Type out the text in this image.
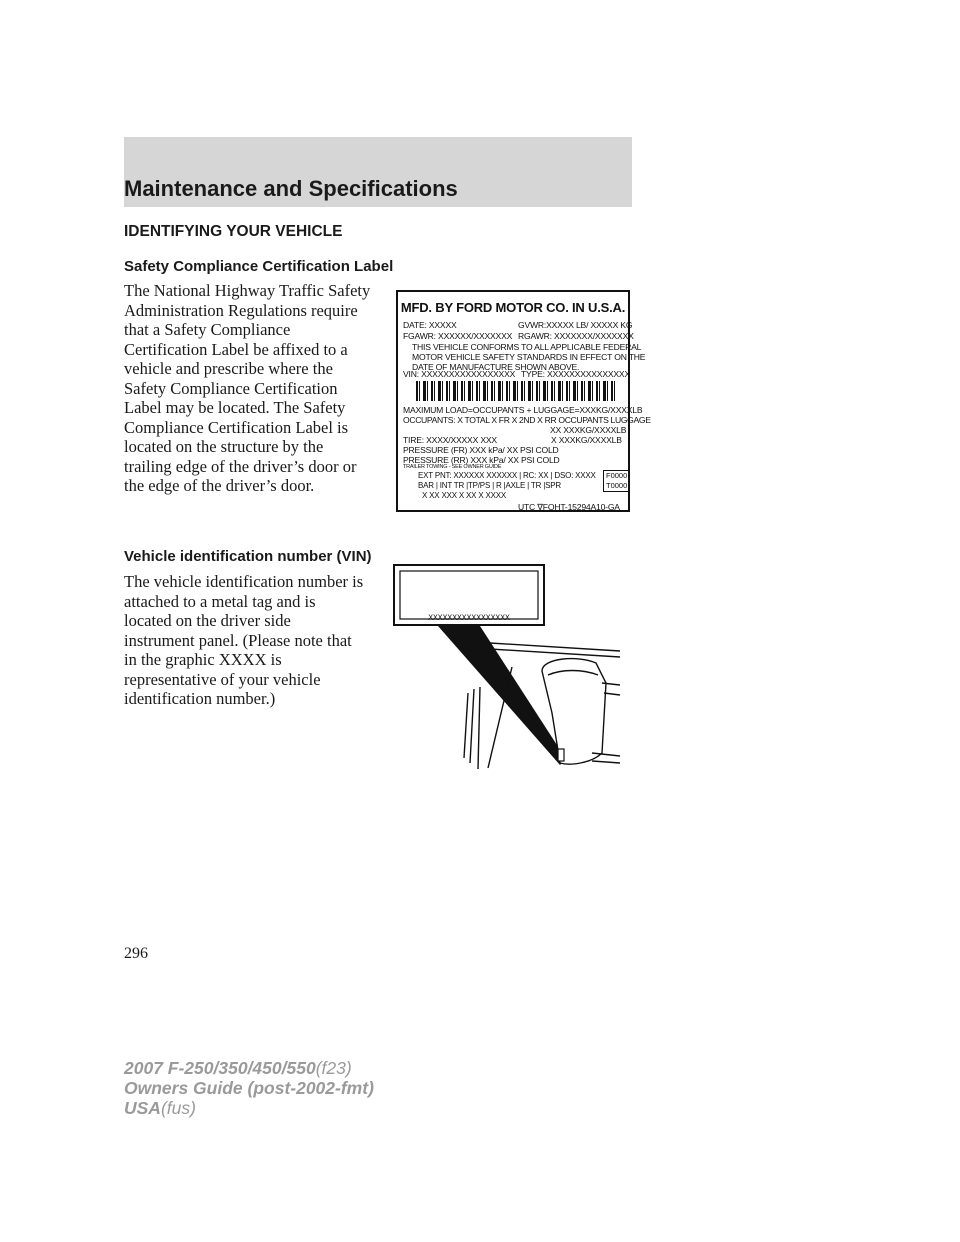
Maintenance and Specifications
IDENTIFYING YOUR VEHICLE
Safety Compliance Certification Label
The National Highway Traffic Safety
Administration Regulations require
that a Safety Compliance
Certification Label be affixed to a
vehicle and prescribe where the
Safety Compliance Certification
Label may be located. The Safety
Compliance Certification Label is
located on the structure by the
trailing edge of the driver’s door or
the edge of the driver’s door.
MFD. BY FORD MOTOR CO. IN U.S.A.
DATE: XXXXX	GVWR:XXXXX LB/ XXXXX KG
FGAWR: XXXXXX/XXXXXXX RGAWR: XXXXXXX/XXXXXXX
THIS VEHICLE CONFORMS TO ALL APPLICABLE FEDERAL
MOTOR VEHICLE SAFETY STANDARDS IN EFFECT ON THE
DATE OF MANUFACTURE SHOWN ABOVE.
VIN: XXXXXXXXXXXXXXXXX TYPE: XXXXXXXXXXXXXXX
MAXIMUM LOAD=OCCUPANTS + LUGGAGE=XXXKG/XXXXLB
OCCUPANTS: X TOTAL X FR X 2ND X RR OCCUPANTS LUGGAGE
XX XXXKG/XXXXLB
X XXXKG/XXXXLB
TIRE: XXXX/XXXXX XXX
PRESSURE (FR) XXX kPa/ XX PSI COLD
PRESSURE (RR) XXX kPa/ XX PSI COLD
TRAILER TOWING - SEE OWNER GUIDE
EXT PNT: XXXXXX XXXXXX | RC: XX | DSO: XXXX
BAR | INT TR |TP/PS | R |AXLE | TR |SPR
X XX XXX X XX X XXXX
F0000
T0000
UTC ∇FOHT-15294A10-GA
Vehicle identification number (VIN)
The vehicle identification number is
attached to a metal tag and is
located on the driver side
instrument panel. (Please note that
in the graphic XXXX is
representative of your vehicle
identification number.)
XXXXXXXXXXXXXXXXX
296
2007 F-250/350/450/550(f23)
Owners Guide (post-2002-fmt)
USA(fus)
